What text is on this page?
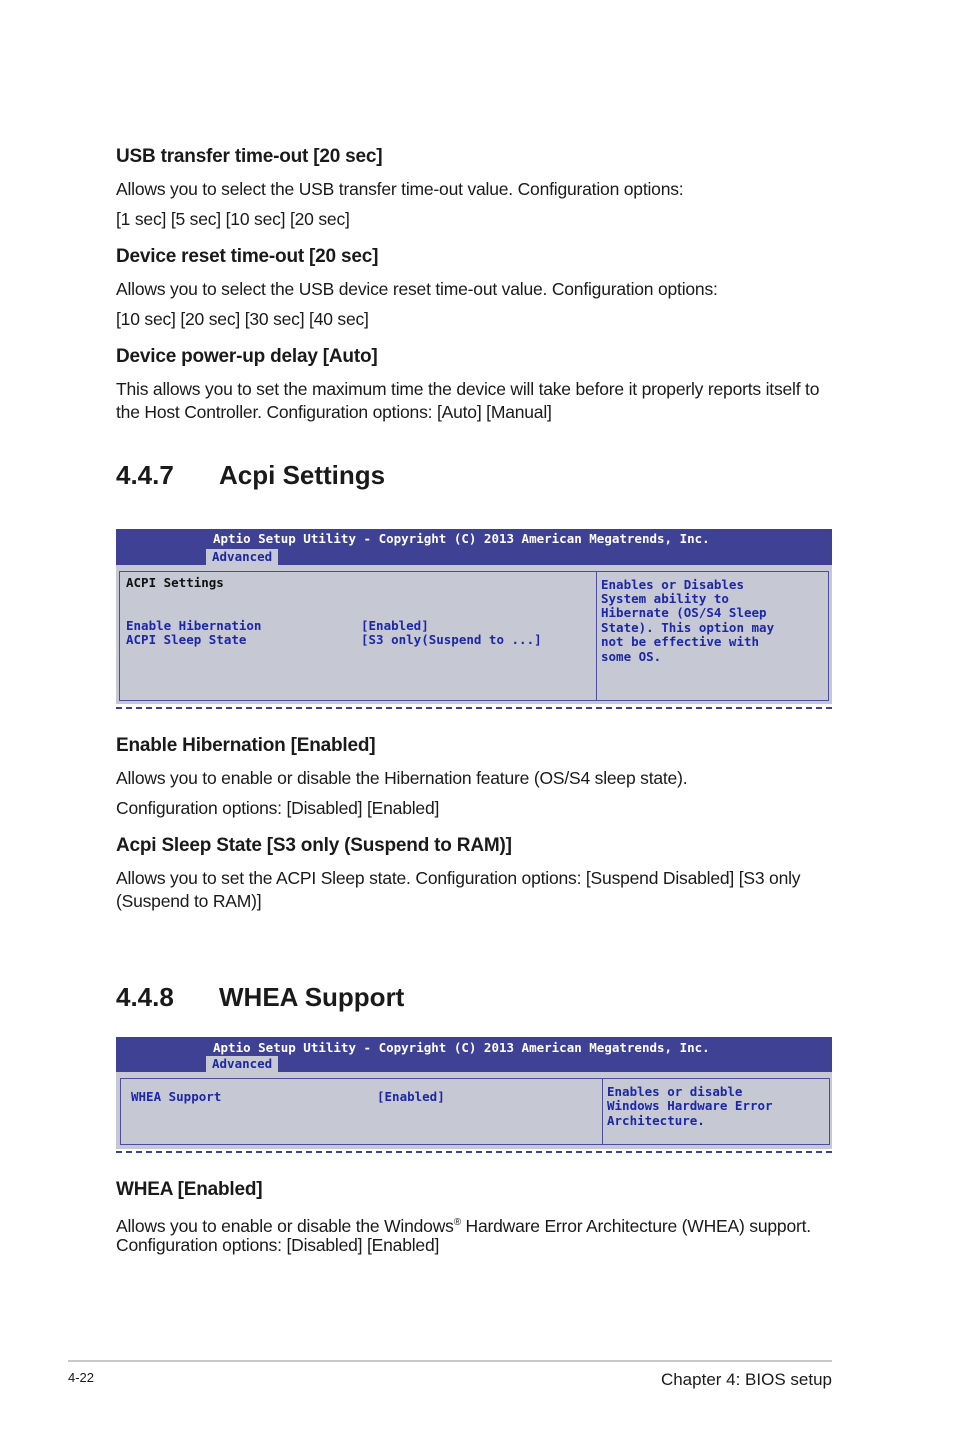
USB transfer time-out [20 sec]
Allows you to select the USB transfer time-out value. Configuration options:
[1 sec] [5 sec] [10 sec] [20 sec]
Device reset time-out [20 sec]
Allows you to select the USB device reset time-out value. Configuration options:
[10 sec] [20 sec] [30 sec] [40 sec]
Device power-up delay [Auto]
This allows you to set the maximum time the device will take before it properly reports itself to the Host Controller. Configuration options: [Auto] [Manual]
4.4.7 Acpi Settings
Aptio Setup Utility - Copyright (C) 2013 American Megatrends, Inc.
Advanced
ACPI Settings
Enable Hibernation	[Enabled]
ACPI Sleep State	[S3 only(Suspend to ...]
Enables or Disables
System ability to
Hibernate (OS/S4 Sleep
State). This option may
not be effective with
some OS.
Enable Hibernation [Enabled]
Allows you to enable or disable the Hibernation feature (OS/S4 sleep state).
Configuration options: [Disabled] [Enabled]
Acpi Sleep State [S3 only (Suspend to RAM)]
Allows you to set the ACPI Sleep state. Configuration options: [Suspend Disabled] [S3 only (Suspend to RAM)]
4.4.8 WHEA Support
Aptio Setup Utility - Copyright (C) 2013 American Megatrends, Inc.
Advanced
WHEA Support	[Enabled]	Enables or disable
Windows Hardware Error
Architecture.
WHEA [Enabled]
Allows you to enable or disable the Windows® Hardware Error Architecture (WHEA) support.
Configuration options: [Disabled] [Enabled]
4-22	Chapter 4: BIOS setup
